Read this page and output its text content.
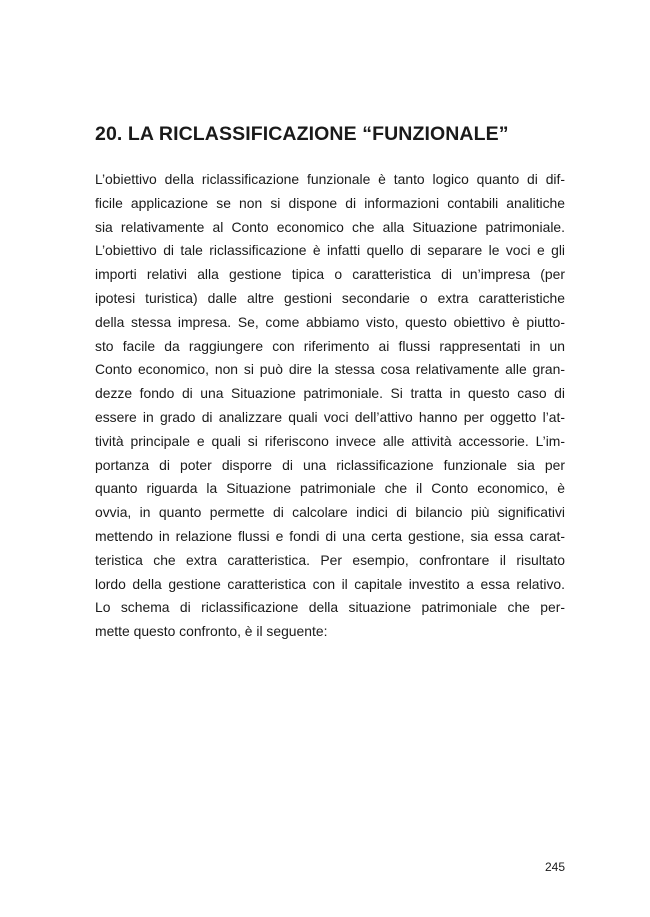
20. LA RICLASSIFICAZIONE “FUNZIONALE”
L’obiettivo della riclassificazione funzionale è tanto logico quanto di dif-
ficile applicazione se non si dispone di informazioni contabili analitiche
sia relativamente al Conto economico che alla Situazione patrimoniale.
L’obiettivo di tale riclassificazione è infatti quello di separare le voci e gli
importi relativi alla gestione tipica o caratteristica di un’impresa (per
ipotesi turistica) dalle altre gestioni secondarie o extra caratteristiche
della stessa impresa. Se, come abbiamo visto, questo obiettivo è piutto-
sto facile da raggiungere con riferimento ai flussi rappresentati in un
Conto economico, non si può dire la stessa cosa relativamente alle gran-
dezze fondo di una Situazione patrimoniale. Si tratta in questo caso di
essere in grado di analizzare quali voci dell’attivo hanno per oggetto l’at-
tività principale e quali si riferiscono invece alle attività accessorie. L’im-
portanza di poter disporre di una riclassificazione funzionale sia per
quanto riguarda la Situazione patrimoniale che il Conto economico, è
ovvia, in quanto permette di calcolare indici di bilancio più significativi
mettendo in relazione flussi e fondi di una certa gestione, sia essa carat-
teristica che extra caratteristica. Per esempio, confrontare il risultato
lordo della gestione caratteristica con il capitale investito a essa relativo.
Lo schema di riclassificazione della situazione patrimoniale che per-
mette questo confronto, è il seguente:

245
